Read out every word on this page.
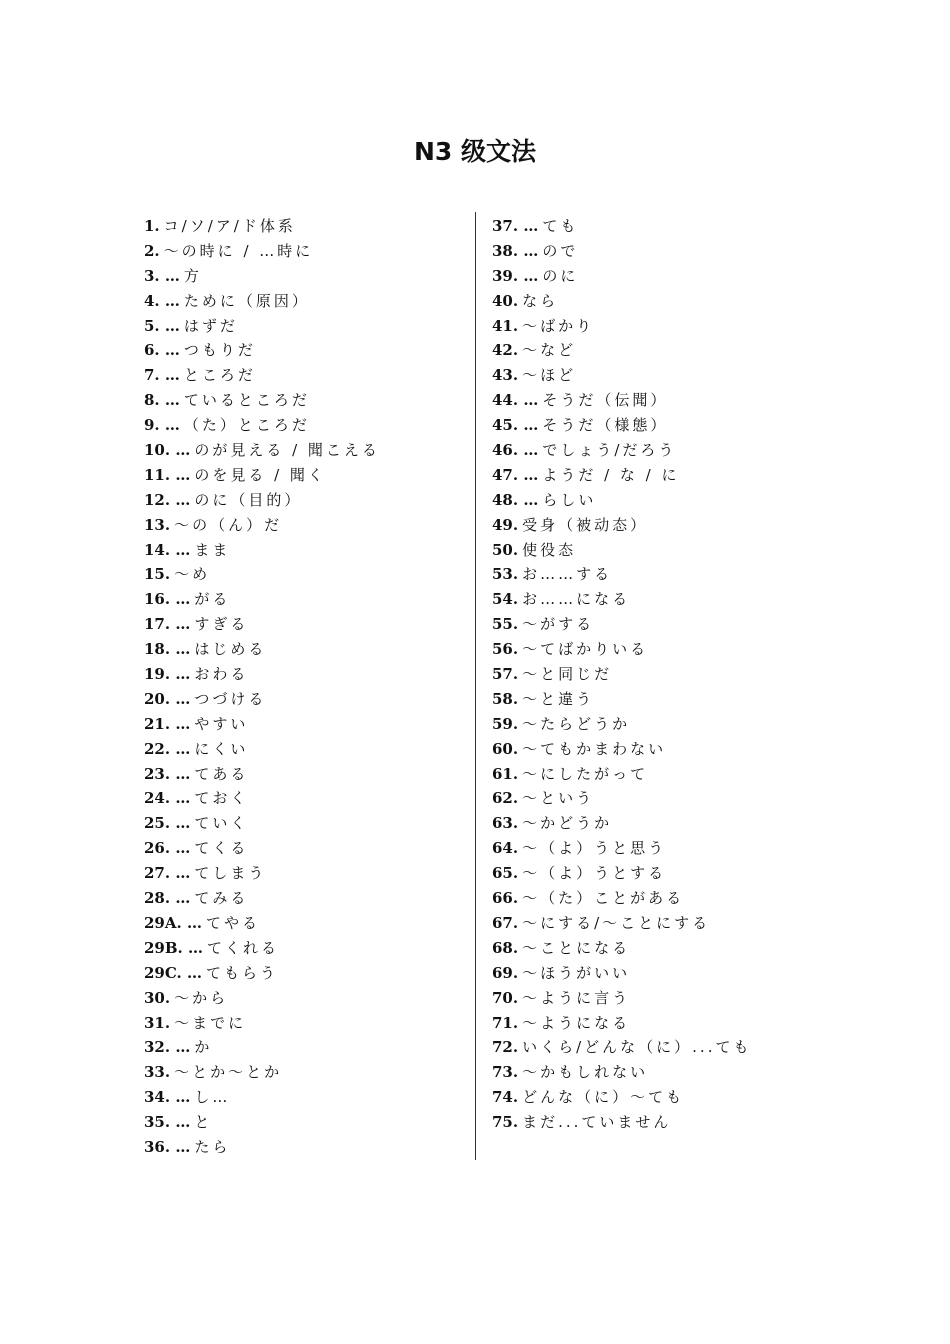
N3 级文法
1. コ/ソ/ア/ド体系
2. ～の時に / …時に
3. … 方
4. … ために（原因）
5. … はずだ
6. … つもりだ
7. … ところだ
8. … ているところだ
9. … （た）ところだ
10. … のが見える / 聞こえる
11. … のを見る / 聞く
12. … のに（目的）
13. ～の（ん）だ
14. … まま
15. ～め
16. … がる
17. … すぎる
18. … はじめる
19. … おわる
20. … つづける
21. … やすい
22. … にくい
23. … てある
24. … ておく
25. … ていく
26. … てくる
27. … てしまう
28. … てみる
29A. … てやる
29B. … てくれる
29C. … てもらう
30. ～から
31. ～までに
32. … か
33. ～とか～とか
34. … し…
35. … と
36. … たら
37. … ても
38. … ので
39. … のに
40. なら
41. ～ばかり
42. ～など
43. ～ほど
44. … そうだ（伝聞）
45. … そうだ（様態）
46. … でしょう/だろう
47. … ようだ / な / に
48. … らしい
49. 受身（被动态）
50. 使役态
53. お……する
54. お……になる
55. ～がする
56. ～てばかりいる
57. ～と同じだ
58. ～と違う
59. ～たらどうか
60. ～てもかまわない
61. ～にしたがって
62. ～という
63. ～かどうか
64. ～（よ）うと思う
65. ～（よ）うとする
66. ～（た）ことがある
67. ～にする/～ことにする
68. ～ことになる
69. ～ほうがいい
70. ～ように言う
71. ～ようになる
72. いくら/どんな（に）...ても
73. ～かもしれない
74. どんな（に）～ても
75. まだ...ていません
